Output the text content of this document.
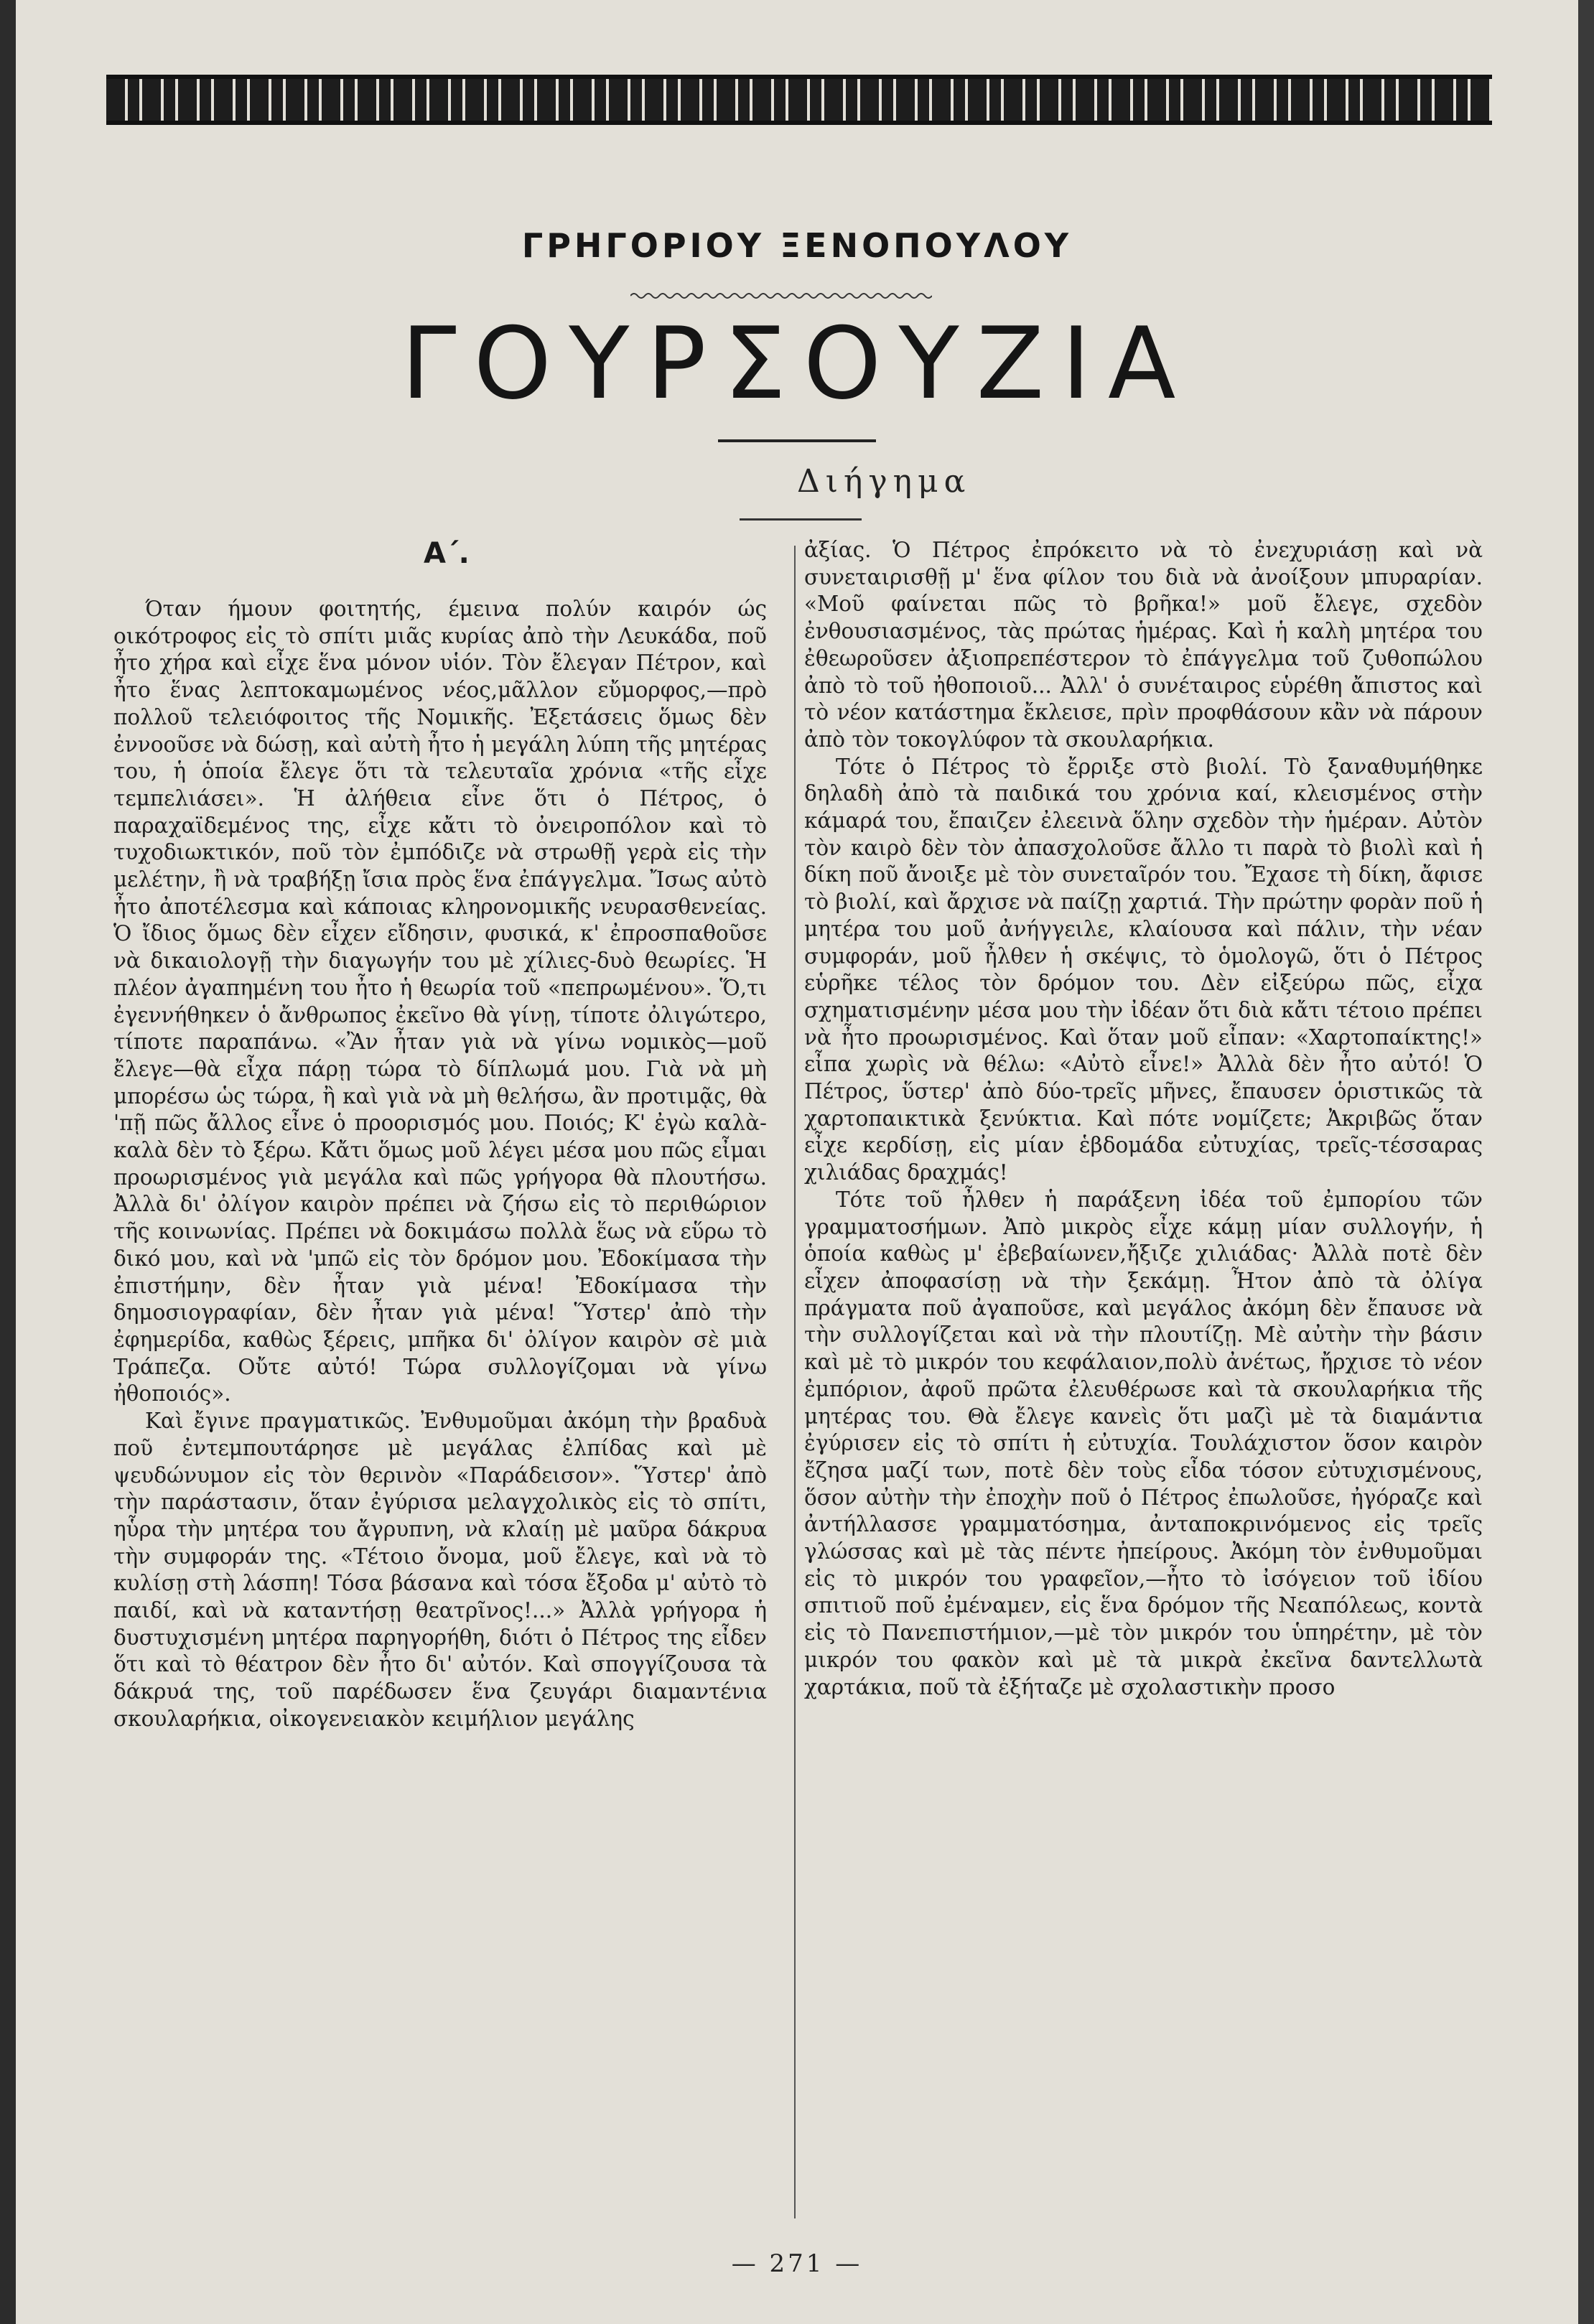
ΓΡΗΓΟΡΙΟΥ ΞΕΝΟΠΟΥΛΟΥ
ΓΟΥΡΣΟΥΖΙΑ
Διήγημα
Α΄.

Όταν ήμουν φοιτητής, έμεινα πολύν καιρόν ώς οικότροφος εἰς τὸ σπίτι μιᾶς κυρίας ἀπὸ τὴν Λευκάδα, ποῦ ἦτο χήρα καὶ εἶχε ἕνα μόνον υἱόν. Τὸν ἔλεγαν Πέτρον, καὶ ἦτο ἕνας λεπτοκαμωμένος νέος,μᾶλλον εὔμορφος,—πρὸ πολλοῦ τελειόφοιτος τῆς Νομικῆς. Ἐξετάσεις ὅμως δὲν ἐννοοῦσε νὰ δώσῃ, καὶ αὐτὴ ἦτο ἡ μεγάλη λύπη τῆς μητέρας του, ἡ ὁποία ἔλεγε ὅτι τὰ τελευταῖα χρόνια «τῆς εἶχε τεμπελιάσει». Ἡ ἀλήθεια εἶνε ὅτι ὁ Πέτρος, ὁ παραχαϊδεμένος της, εἶχε κἄτι τὸ ὀνειροπόλον καὶ τὸ τυχοδιωκτικόν, ποῦ τὸν ἐμπόδιζε νὰ στρωθῇ γερὰ εἰς τὴν μελέτην, ἢ νὰ τραβήξῃ ἴσια πρὸς ἕνα ἐπάγγελμα. Ἴσως αὐτὸ ἦτο ἀποτέλεσμα καὶ κάποιας κληρονομικῆς νευρασθενείας. Ὁ ἴδιος ὅμως δὲν εἶχεν εἴδησιν, φυσικά, κ' ἐπροσπαθοῦσε νὰ δικαιολογῇ τὴν διαγωγήν του μὲ χίλιες-δυὸ θεωρίες. Ἡ πλέον ἀγαπημένη του ἦτο ἡ θεωρία τοῦ «πεπρωμένου». Ὅ,τι ἐγεννήθηκεν ὁ ἄνθρωπος ἐκεῖνο θὰ γίνῃ, τίποτε ὀλιγώτερο, τίποτε παραπάνω. «Ἂν ἦταν γιὰ νὰ γίνω νομικὸς—μοῦ ἔλεγε—θὰ εἶχα πάρῃ τώρα τὸ δίπλωμά μου. Γιὰ νὰ μὴ μπορέσω ὡς τώρα, ἢ καὶ γιὰ νὰ μὴ θελήσω, ἂν προτιμᾷς, θὰ 'πῇ πῶς ἄλλος εἶνε ὁ προορισμός μου. Ποιός; Κ' ἐγὼ καλὰ-καλὰ δὲν τὸ ξέρω. Κἄτι ὅμως μοῦ λέγει μέσα μου πῶς εἶμαι προωρισμένος γιὰ μεγάλα καὶ πῶς γρήγορα θὰ πλουτήσω. Ἀλλὰ δι' ὀλίγον καιρὸν πρέπει νὰ ζήσω εἰς τὸ περιθώριον τῆς κοινωνίας. Πρέπει νὰ δοκιμάσω πολλὰ ἕως νὰ εὕρω τὸ δικό μου, καὶ νὰ 'μπῶ εἰς τὸν δρόμον μου. Ἐδοκίμασα τὴν ἐπιστήμην, δὲν ἦταν γιὰ μένα! Ἐδοκίμασα τὴν δημοσιογραφίαν, δὲν ἦταν γιὰ μένα! Ὕστερ' ἀπὸ τὴν ἐφημερίδα, καθὼς ξέρεις, μπῆκα δι' ὀλίγον καιρὸν σὲ μιὰ Τράπεζα. Οὔτε αὐτό! Τώρα συλλογίζομαι νὰ γίνω ἠθοποιός».

Καὶ ἔγινε πραγματικῶς. Ἐνθυμοῦμαι ἀκόμη τὴν βραδυὰ ποῦ ἐντεμπουτάρησε μὲ μεγάλας ἐλπίδας καὶ μὲ ψευδώνυμον εἰς τὸν θερινὸν «Παράδεισον». Ὕστερ' ἀπὸ τὴν παράστασιν, ὅταν ἐγύρισα μελαγχολικὸς εἰς τὸ σπίτι, ηὗρα τὴν μητέρα του ἄγρυπνη, νὰ κλαίῃ μὲ μαῦρα δάκρυα τὴν συμφοράν της. «Τέτοιο ὄνομα, μοῦ ἔλεγε, καὶ νὰ τὸ κυλίσῃ στὴ λάσπη! Τόσα βάσανα καὶ τόσα ἔξοδα μ' αὐτὸ τὸ παιδί, καὶ νὰ καταντήσῃ θεατρῖνος!...» Ἀλλὰ γρήγορα ἡ δυστυχισμένη μητέρα παρηγορήθη, διότι ὁ Πέτρος της εἶδεν ὅτι καὶ τὸ θέατρον δὲν ἦτο δι' αὐτόν. Καὶ σπογγίζουσα τὰ δάκρυά της, τοῦ παρέδωσεν ἕνα ζευγάρι διαμαντένια σκουλαρήκια, οἰκογενειακὸν κειμήλιον μεγάλης

ἀξίας. Ὁ Πέτρος ἐπρόκειτο νὰ τὸ ἐνεχυριάσῃ καὶ νὰ συνεταιρισθῇ μ' ἕνα φίλον του διὰ νὰ ἀνοίξουν μπυραρίαν. «Μοῦ φαίνεται πῶς τὸ βρῆκα!» μοῦ ἔλεγε, σχεδὸν ἐνθουσιασμένος, τὰς πρώτας ἡμέρας. Καὶ ἡ καλὴ μητέρα του ἐθεωροῦσεν ἀξιοπρεπέστερον τὸ ἐπάγγελμα τοῦ ζυθοπώλου ἀπὸ τὸ τοῦ ἠθοποιοῦ... Ἀλλ' ὁ συνέταιρος εὑρέθη ἄπιστος καὶ τὸ νέον κατάστημα ἔκλεισε, πρὶν προφθάσουν κἂν νὰ πάρουν ἀπὸ τὸν τοκογλύφον τὰ σκουλαρήκια.

Τότε ὁ Πέτρος τὸ ἔρριξε στὸ βιολί. Τὸ ξαναθυμήθηκε δηλαδὴ ἀπὸ τὰ παιδικά του χρόνια καί, κλεισμένος στὴν κάμαρά του, ἔπαιζεν ἐλεεινὰ ὅλην σχεδὸν τὴν ἡμέραν. Αὐτὸν τὸν καιρὸ δὲν τὸν ἀπασχολοῦσε ἄλλο τι παρὰ τὸ βιολὶ καὶ ἡ δίκη ποῦ ἄνοιξε μὲ τὸν συνεταῖρόν του. Ἔχασε τὴ δίκη, ἄφισε τὸ βιολί, καὶ ἄρχισε νὰ παίζῃ χαρτιά. Τὴν πρώτην φορὰν ποῦ ἡ μητέρα του μοῦ ἀνήγγειλε, κλαίουσα καὶ πάλιν, τὴν νέαν συμφοράν, μοῦ ἦλθεν ἡ σκέψις, τὸ ὁμολογῶ, ὅτι ὁ Πέτρος εὑρῆκε τέλος τὸν δρόμον του. Δὲν εἰξεύρω πῶς, εἶχα σχηματισμένην μέσα μου τὴν ἰδέαν ὅτι διὰ κἄτι τέτοιο πρέπει νὰ ἦτο προωρισμένος. Καὶ ὅταν μοῦ εἶπαν: «Χαρτοπαίκτης!» εἶπα χωρὶς νὰ θέλω: «Αὐτὸ εἶνε!» Ἀλλὰ δὲν ἦτο αὐτό! Ὁ Πέτρος, ὕστερ' ἀπὸ δύο-τρεῖς μῆνες, ἔπαυσεν ὁριστικῶς τὰ χαρτοπαικτικὰ ξενύκτια. Καὶ πότε νομίζετε; Ἀκριβῶς ὅταν εἶχε κερδίσῃ, εἰς μίαν ἑβδομάδα εὐτυχίας, τρεῖς-τέσσαρας χιλιάδας δραχμάς!

Τότε τοῦ ἦλθεν ἡ παράξενη ἰδέα τοῦ ἐμπορίου τῶν γραμματοσήμων. Ἀπὸ μικρὸς εἶχε κάμῃ μίαν συλλογήν, ἡ ὁποία καθὼς μ' ἐβεβαίωνεν,ἤξιζε χιλιάδας· Ἀλλὰ ποτὲ δὲν εἶχεν ἀποφασίσῃ νὰ τὴν ξεκάμῃ. Ἦτον ἀπὸ τὰ ὀλίγα πράγματα ποῦ ἀγαποῦσε, καὶ μεγάλος ἀκόμη δὲν ἔπαυσε νὰ τὴν συλλογίζεται καὶ νὰ τὴν πλουτίζῃ. Μὲ αὐτὴν τὴν βάσιν καὶ μὲ τὸ μικρόν του κεφάλαιον,πολὺ ἀνέτως, ἤρχισε τὸ νέον ἐμπόριον, ἀφοῦ πρῶτα ἐλευθέρωσε καὶ τὰ σκουλαρήκια τῆς μητέρας του. Θὰ ἔλεγε κανεὶς ὅτι μαζὶ μὲ τὰ διαμάντια ἐγύρισεν εἰς τὸ σπίτι ἡ εὐτυχία. Τουλάχιστον ὅσον καιρὸν ἔζησα μαζί των, ποτὲ δὲν τοὺς εἶδα τόσον εὐτυχισμένους, ὅσον αὐτὴν τὴν ἐποχὴν ποῦ ὁ Πέτρος ἐπωλοῦσε, ἠγόραζε καὶ ἀντήλλασσε γραμματόσημα, ἀνταποκρινόμενος εἰς τρεῖς γλώσσας καὶ μὲ τὰς πέντε ἠπείρους. Ἀκόμη τὸν ἐνθυμοῦμαι εἰς τὸ μικρόν του γραφεῖον,—ἦτο τὸ ἰσόγειον τοῦ ἰδίου σπιτιοῦ ποῦ ἐμέναμεν, εἰς ἕνα δρόμον τῆς Νεαπόλεως, κοντὰ εἰς τὸ Πανεπιστήμιον,—μὲ τὸν μικρόν του ὑπηρέτην, μὲ τὸν μικρόν του φακὸν καὶ μὲ τὰ μικρὰ ἐκεῖνα δαντελλωτὰ χαρτάκια, ποῦ τὰ ἐξήταζε μὲ σχολαστικὴν προσο

— 271 —
